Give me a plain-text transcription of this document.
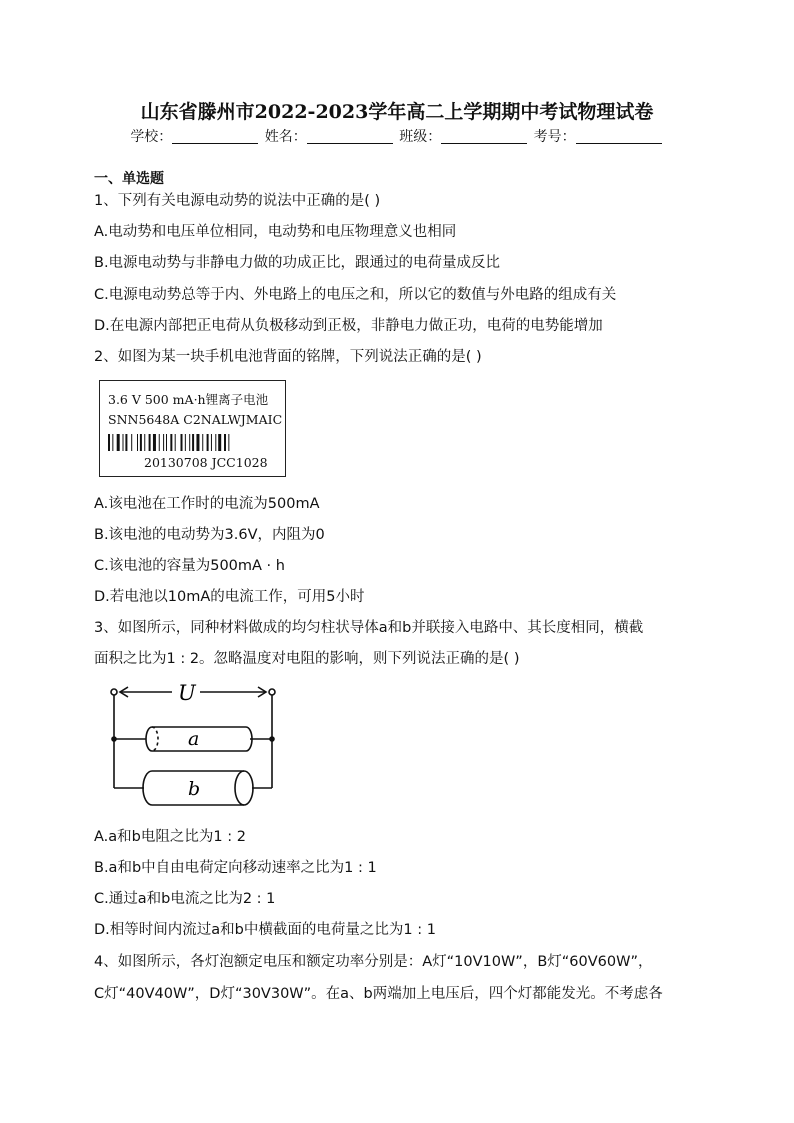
山东省滕州市2022-2023学年高二上学期期中考试物理试卷
学校：	姓名：	班级：	考号：
一、单选题
1、下列有关电源电动势的说法中正确的是( )
A.电动势和电压单位相同，电动势和电压物理意义也相同
B.电源电动势与非静电力做的功成正比，跟通过的电荷量成反比
C.电源电动势总等于内、外电路上的电压之和，所以它的数值与外电路的组成有关
D.在电源内部把正电荷从负极移动到正极，非静电力做正功，电荷的电势能增加
2、如图为某一块手机电池背面的铭牌，下列说法正确的是( )
3.6 V 500 mA·h锂离子电池
SNN5648A C2NALWJMAIC
20130708 JCC1028
A.该电池在工作时的电流为500mA
B.该电池的电动势为3.6V，内阻为0
C.该电池的容量为500mA · h
D.若电池以10mA的电流工作，可用5小时
3、如图所示，同种材料做成的均匀柱状导体a和b并联接入电路中、其长度相同，横截
面积之比为1 : 2。忽略温度对电阻的影响，则下列说法正确的是( )
U
a
b
A.a和b电阻之比为1 : 2
B.a和b中自由电荷定向移动速率之比为1 : 1
C.通过a和b电流之比为2 : 1
D.相等时间内流过a和b中横截面的电荷量之比为1 : 1
4、如图所示，各灯泡额定电压和额定功率分别是：A灯“10V10W”，B灯“60V60W”，
C灯“40V40W”，D灯“30V30W”。在a、b两端加上电压后，四个灯都能发光。不考虑各
